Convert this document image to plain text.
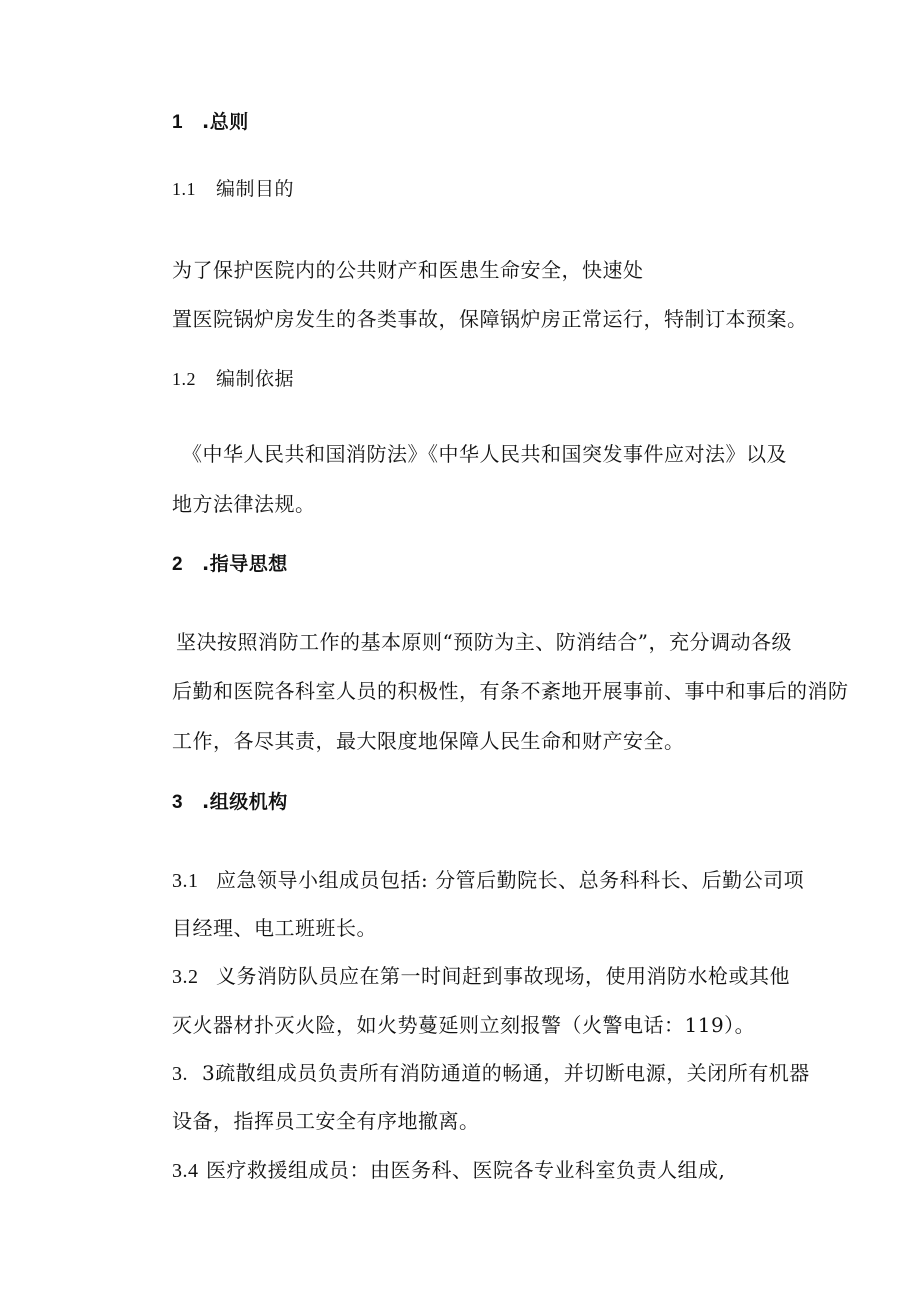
1 .总则
1.1 编制目的
为了保护医院内的公共财产和医患生命安全，快速处
置医院锅炉房发生的各类事故，保障锅炉房正常运行，特制订本预案。
1.2 编制依据
《中华人民共和国消防法》《中华人民共和国突发事件应对法》以及
地方法律法规。
2 .指导思想
坚决按照消防工作的基本原则“预防为主、防消结合”，充分调动各级
后勤和医院各科室人员的积极性，有条不紊地开展事前、事中和事后的消防
工作，各尽其责，最大限度地保障人民生命和财产安全。
3 .组级机构
3.1 应急领导小组成员包括: 分管后勤院长、总务科科长、后勤公司项
目经理、电工班班长。
3.2 义务消防队员应在第一时间赶到事故现场，使用消防水枪或其他
灭火器材扑灭火险，如火势蔓延则立刻报警（火警电话：119）。
3. 3疏散组成员负责所有消防通道的畅通，并切断电源，关闭所有机器
设备，指挥员工安全有序地撤离。
3.4 医疗救援组成员：由医务科、医院各专业科室负责人组成,
